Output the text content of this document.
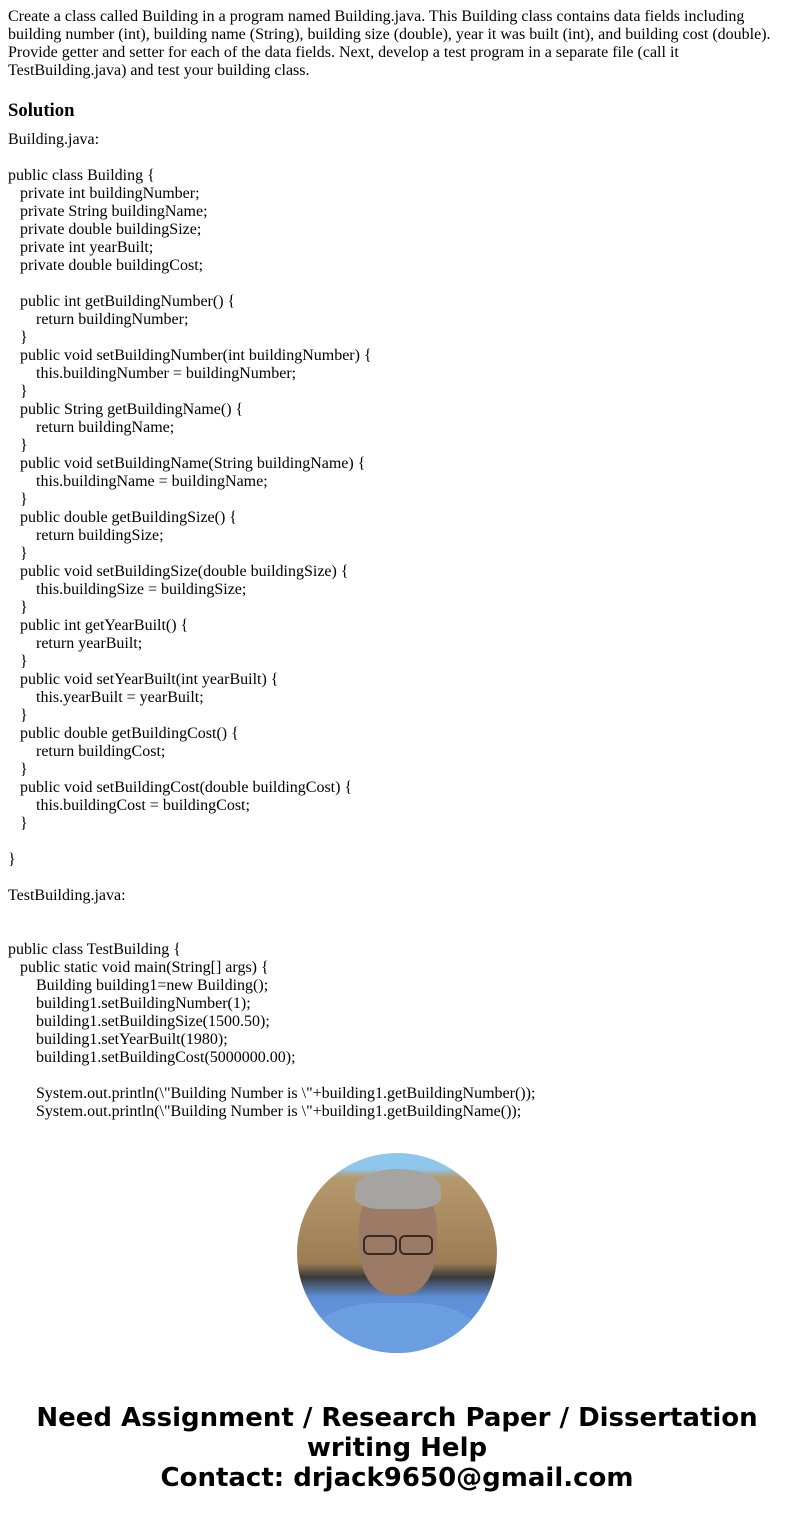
Create a class called Building in a program named Building.java. This Building class contains data fields including building number (int), building name (String), building size (double), year it was built (int), and building cost (double). Provide getter and setter for each of the data fields. Next, develop a test program in a separate file (call it TestBuilding.java) and test your building class.

Solution
Building.java:

public class Building {
private int buildingNumber;
private String buildingName;
private double buildingSize;
private int yearBuilt;
private double buildingCost;

public int getBuildingNumber() {
return buildingNumber;
}
public void setBuildingNumber(int buildingNumber) {
this.buildingNumber = buildingNumber;
}
public String getBuildingName() {
return buildingName;
}
public void setBuildingName(String buildingName) {
this.buildingName = buildingName;
}
public double getBuildingSize() {
return buildingSize;
}
public void setBuildingSize(double buildingSize) {
this.buildingSize = buildingSize;
}
public int getYearBuilt() {
return yearBuilt;
}
public void setYearBuilt(int yearBuilt) {
this.yearBuilt = yearBuilt;
}
public double getBuildingCost() {
return buildingCost;
}
public void setBuildingCost(double buildingCost) {
this.buildingCost = buildingCost;
}

}

TestBuilding.java:

public class TestBuilding {
public static void main(String[] args) {
Building building1=new Building();
building1.setBuildingNumber(1);
building1.setBuildingSize(1500.50);
building1.setYearBuilt(1980);
building1.setBuildingCost(5000000.00);

System.out.println(\"Building Number is \"+building1.getBuildingNumber());
System.out.println(\"Building Number is \"+building1.getBuildingName());
Need Assignment / Research Paper / Dissertation
writing Help
Contact: drjack9650@gmail.com
